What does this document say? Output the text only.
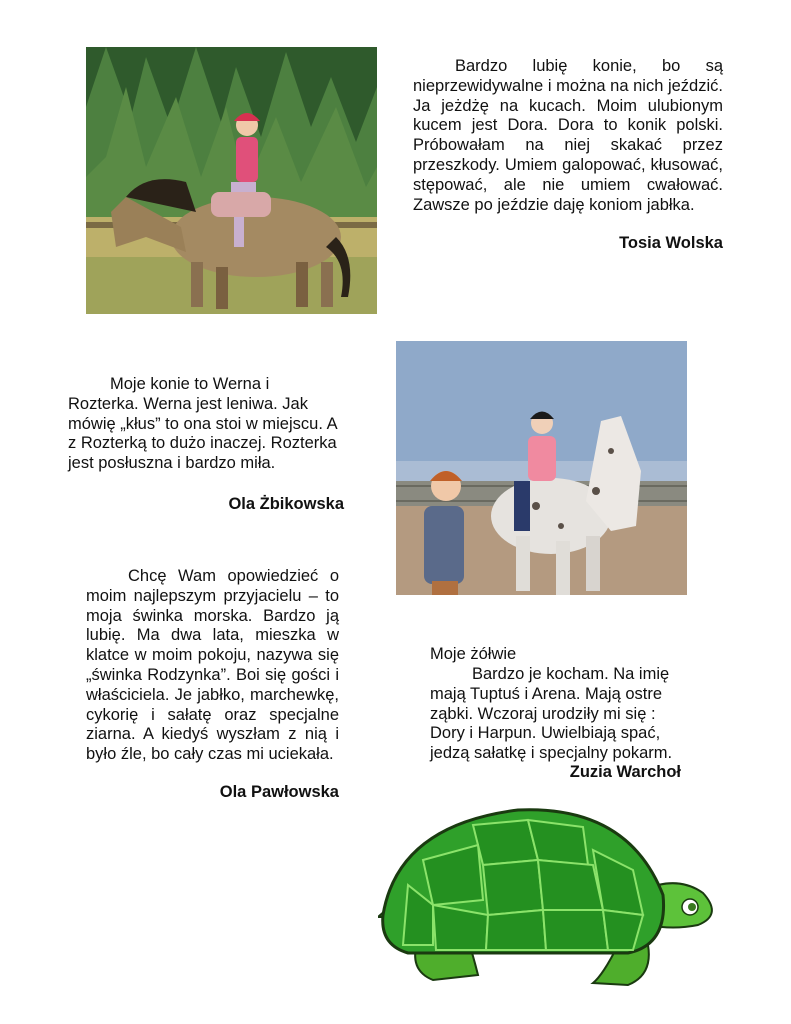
Bardzo lubię konie, bo są nieprzewidywalne i można na nich jeździć. Ja jeżdżę na kucach. Moim ulubionym kucem jest Dora. Dora to konik polski. Próbowałam na niej skakać przez przeszkody. Umiem galopować, kłusować, stępować, ale nie umiem cwałować. Zawsze po jeździe daję koniom jabłka.
Tosia Wolska
Moje konie to Werna i Rozterka. Werna jest leniwa. Jak mówię „kłus” to ona stoi w miejscu. A z Rozterką to dużo inaczej. Rozterka jest posłuszna i bardzo miła.
Ola Żbikowska
Chcę Wam opowiedzieć o moim najlepszym przyjacielu – to moja świnka morska. Bardzo ją lubię. Ma dwa lata, mieszka w klatce w moim pokoju, nazywa się „świnka Rodzynka”. Boi się gości i właściciela. Je jabłko, marchewkę, cykorię i sałatę oraz specjalne ziarna. A kiedyś wyszłam z nią i było źle, bo cały czas mi uciekała.
Ola Pawłowska
Moje żółwie
Bardzo je kocham. Na imię mają Tuptuś i Arena. Mają ostre ząbki. Wczoraj urodziły mi się : Dory i Harpun. Uwielbiają spać, jedzą sałatkę i specjalny pokarm.
Zuzia Warchoł
